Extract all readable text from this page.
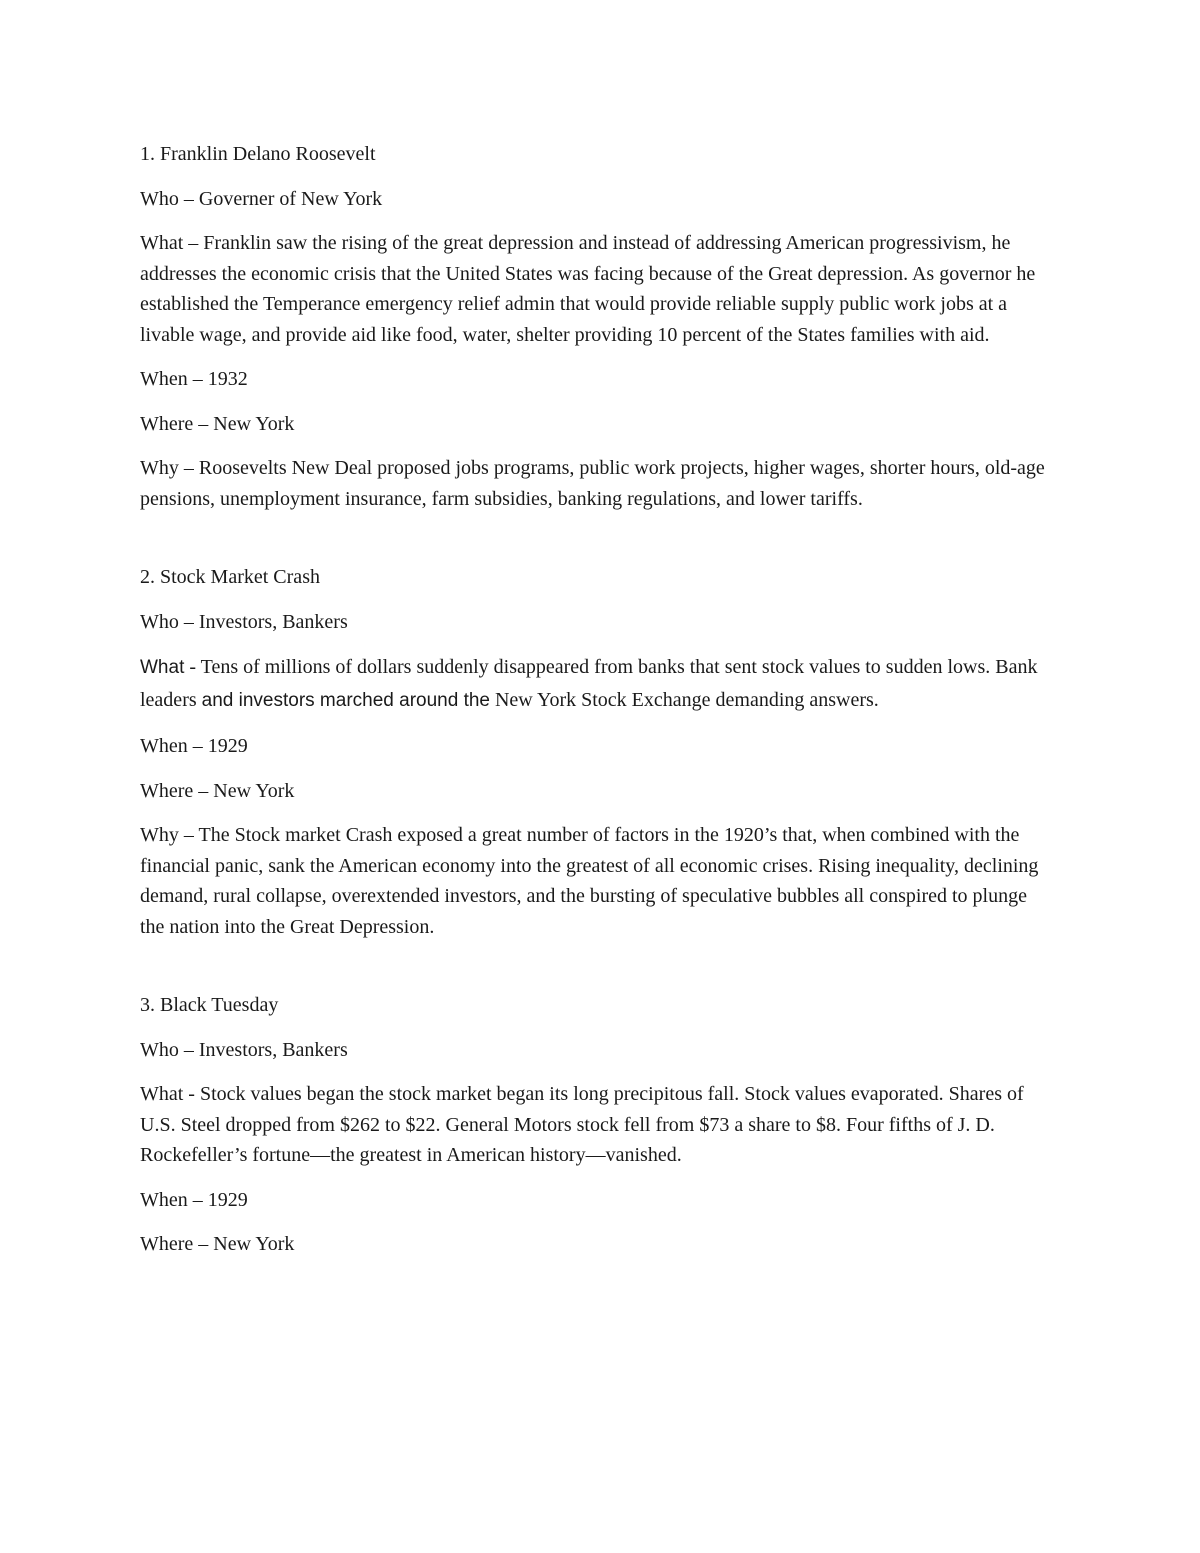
1. Franklin Delano Roosevelt

Who – Governer of New York

What – Franklin saw the rising of the great depression and instead of addressing American progressivism, he addresses the economic crisis that the United States was facing because of the Great depression. As governor he established the Temperance emergency relief admin that would provide reliable supply public work jobs at a livable wage, and provide aid like food, water, shelter providing 10 percent of the States families with aid.

When – 1932

Where – New York

Why – Roosevelts New Deal proposed jobs programs, public work projects, higher wages, shorter hours, old-age pensions, unemployment insurance, farm subsidies, banking regulations, and lower tariffs.

2. Stock Market Crash

Who – Investors, Bankers

What - Tens of millions of dollars suddenly disappeared from banks that sent stock values to sudden lows. Bank leaders and investors marched around the New York Stock Exchange demanding answers.

When – 1929

Where – New York

Why – The Stock market Crash exposed a great number of factors in the 1920’s that, when combined with the financial panic, sank the American economy into the greatest of all economic crises. Rising inequality, declining demand, rural collapse, overextended investors, and the bursting of speculative bubbles all conspired to plunge the nation into the Great Depression.

3. Black Tuesday

Who – Investors, Bankers

What - Stock values began the stock market began its long precipitous fall. Stock values evaporated. Shares of U.S. Steel dropped from $262 to $22. General Motors stock fell from $73 a share to $8. Four fifths of J. D. Rockefeller’s fortune—the greatest in American history—vanished.

When – 1929

Where – New York
